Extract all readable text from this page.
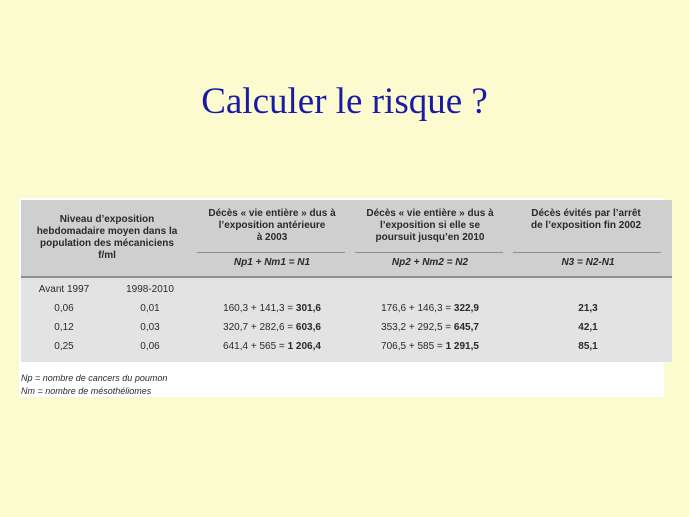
Calculer le risque ?
Niveau d’exposition
hebdomadaire moyen dans la
population des mécaniciens
f/ml
Décès « vie entière » dus à
l’exposition antérieure
à 2003
Décès « vie entière » dus à
l’exposition si elle se
poursuit jusqu’en 2010
Décès évités par l’arrêt
de l’exposition fin 2002
Np1 + Nm1 = N1	Np2 + Nm2 = N2	N3 = N2-N1
Avant 1997	1998-2010
0,06	0,01	160,3 + 141,3 = 301,6	176,6 + 146,3 = 322,9	21,3
0,12	0,03	320,7 + 282,6 = 603,6	353,2 + 292,5 = 645,7	42,1
0,25	0,06	641,4 + 565 = 1 206,4	706,5 + 585 = 1 291,5	85,1
Np = nombre de cancers du poumon
Nm = nombre de mésothéliomes
